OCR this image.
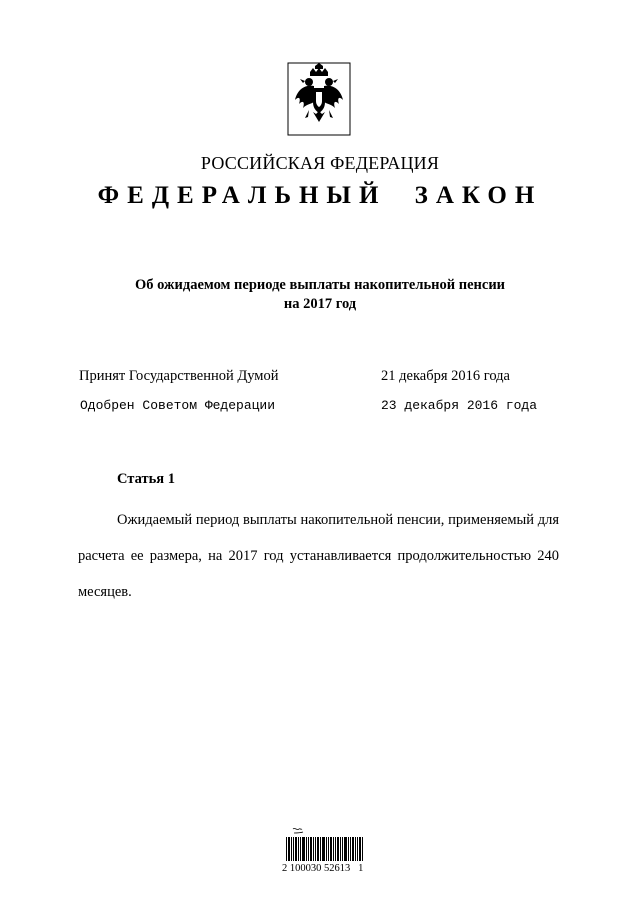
РОССИЙСКАЯ ФЕДЕРАЦИЯ
ФЕДЕРАЛЬНЫЙ ЗАКОН
Об ожидаемом периоде выплаты накопительной пенсии
на 2017 год
Принят Государственной Думой	21 декабря 2016 года
Одобрен Советом Федерации	23 декабря 2016 года
Статья 1

Ожидаемый период выплаты накопительной пенсии, применяемый для расчета ее размера, на 2017 год устанавливается продолжительностью 240 месяцев.

2 100030 52613   1
